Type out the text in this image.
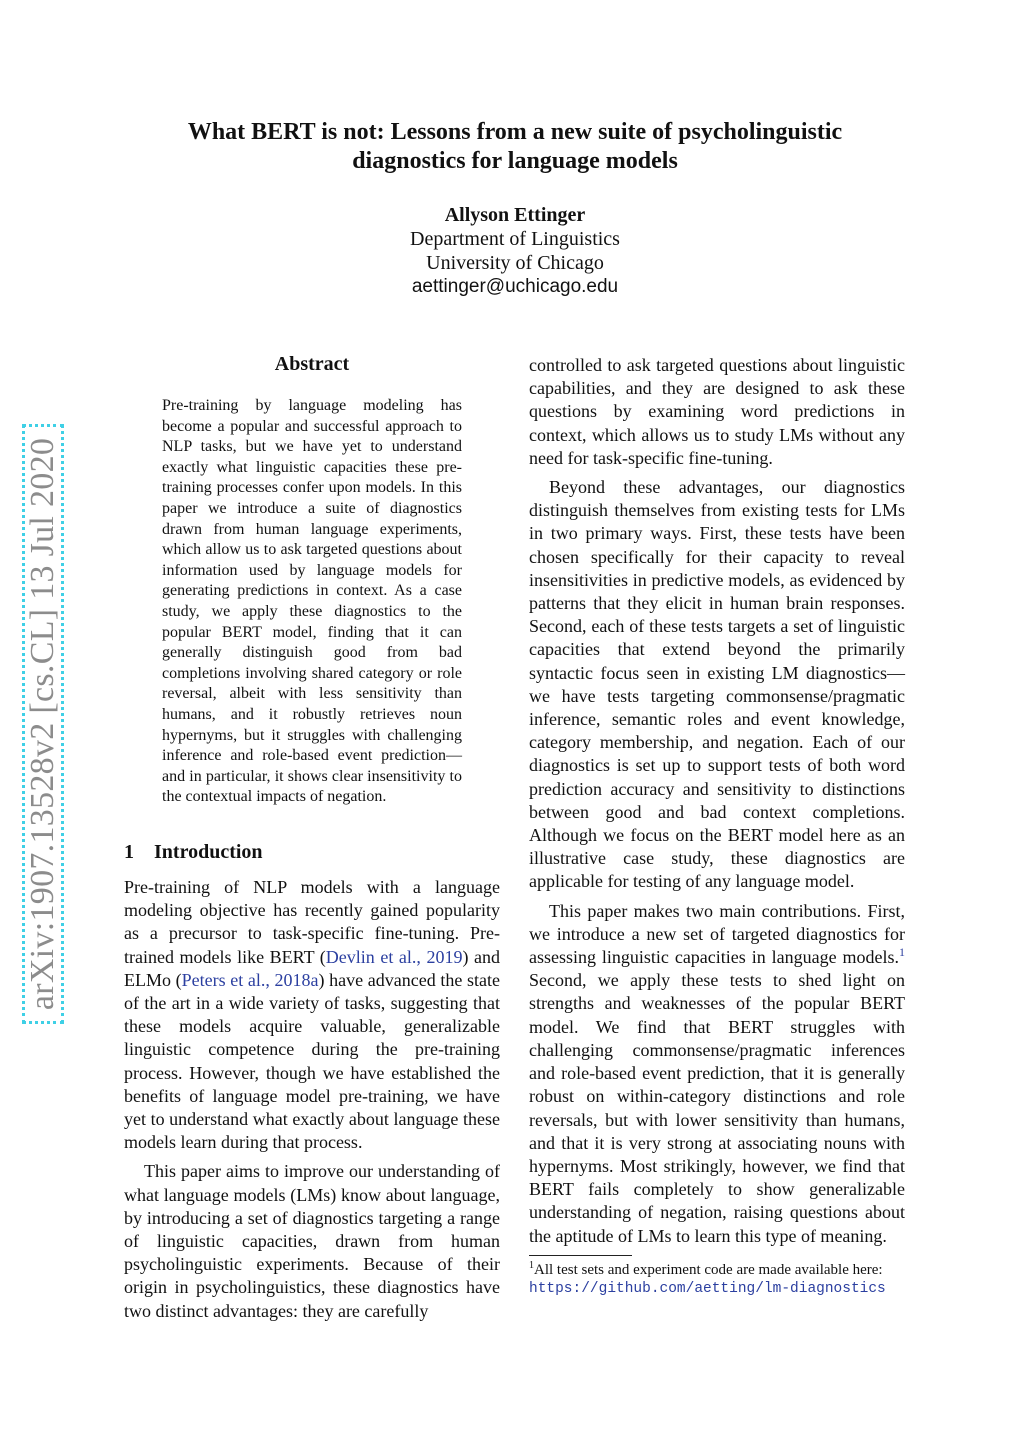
arXiv:1907.13528v2 [cs.CL] 13 Jul 2020
What BERT is not: Lessons from a new suite of psycholinguistic
diagnostics for language models
Allyson Ettinger
Department of Linguistics
University of Chicago
aettinger@uchicago.edu
Abstract

Pre-training by language modeling has become a popular and successful approach to NLP tasks, but we have yet to understand exactly what linguistic capacities these pre-training processes confer upon models. In this paper we introduce a suite of diagnostics drawn from human language experiments, which allow us to ask targeted questions about information used by language models for generating predictions in context. As a case study, we apply these diagnostics to the popular BERT model, finding that it can generally distinguish good from bad completions involving shared category or role reversal, albeit with less sensitivity than humans, and it robustly retrieves noun hypernyms, but it struggles with challenging inference and role-based event prediction— and in particular, it shows clear insensitivity to the contextual impacts of negation.

1 Introduction

Pre-training of NLP models with a language modeling objective has recently gained popularity as a precursor to task-specific fine-tuning. Pre-trained models like BERT (Devlin et al., 2019) and ELMo (Peters et al., 2018a) have advanced the state of the art in a wide variety of tasks, suggesting that these models acquire valuable, generalizable linguistic competence during the pre-training process. However, though we have established the benefits of language model pre-training, we have yet to understand what exactly about language these models learn during that process.

This paper aims to improve our understanding of what language models (LMs) know about language, by introducing a set of diagnostics targeting a range of linguistic capacities, drawn from human psycholinguistic experiments. Because of their origin in psycholinguistics, these diagnostics have two distinct advantages: they are carefully

controlled to ask targeted questions about linguistic capabilities, and they are designed to ask these questions by examining word predictions in context, which allows us to study LMs without any need for task-specific fine-tuning.

Beyond these advantages, our diagnostics distinguish themselves from existing tests for LMs in two primary ways. First, these tests have been chosen specifically for their capacity to reveal insensitivities in predictive models, as evidenced by patterns that they elicit in human brain responses. Second, each of these tests targets a set of linguistic capacities that extend beyond the primarily syntactic focus seen in existing LM diagnostics— we have tests targeting commonsense/pragmatic inference, semantic roles and event knowledge, category membership, and negation. Each of our diagnostics is set up to support tests of both word prediction accuracy and sensitivity to distinctions between good and bad context completions. Although we focus on the BERT model here as an illustrative case study, these diagnostics are applicable for testing of any language model.

This paper makes two main contributions. First, we introduce a new set of targeted diagnostics for assessing linguistic capacities in language models.$^1$ Second, we apply these tests to shed light on strengths and weaknesses of the popular BERT model. We find that BERT struggles with challenging commonsense/pragmatic inferences and role-based event prediction, that it is generally robust on within-category distinctions and role reversals, but with lower sensitivity than humans, and that it is very strong at associating nouns with hypernyms. Most strikingly, however, we find that BERT fails completely to show generalizable understanding of negation, raising questions about the aptitude of LMs to learn this type of meaning.

$^1$All test sets and experiment code are made available here:
https://github.com/aetting/lm-diagnostics
